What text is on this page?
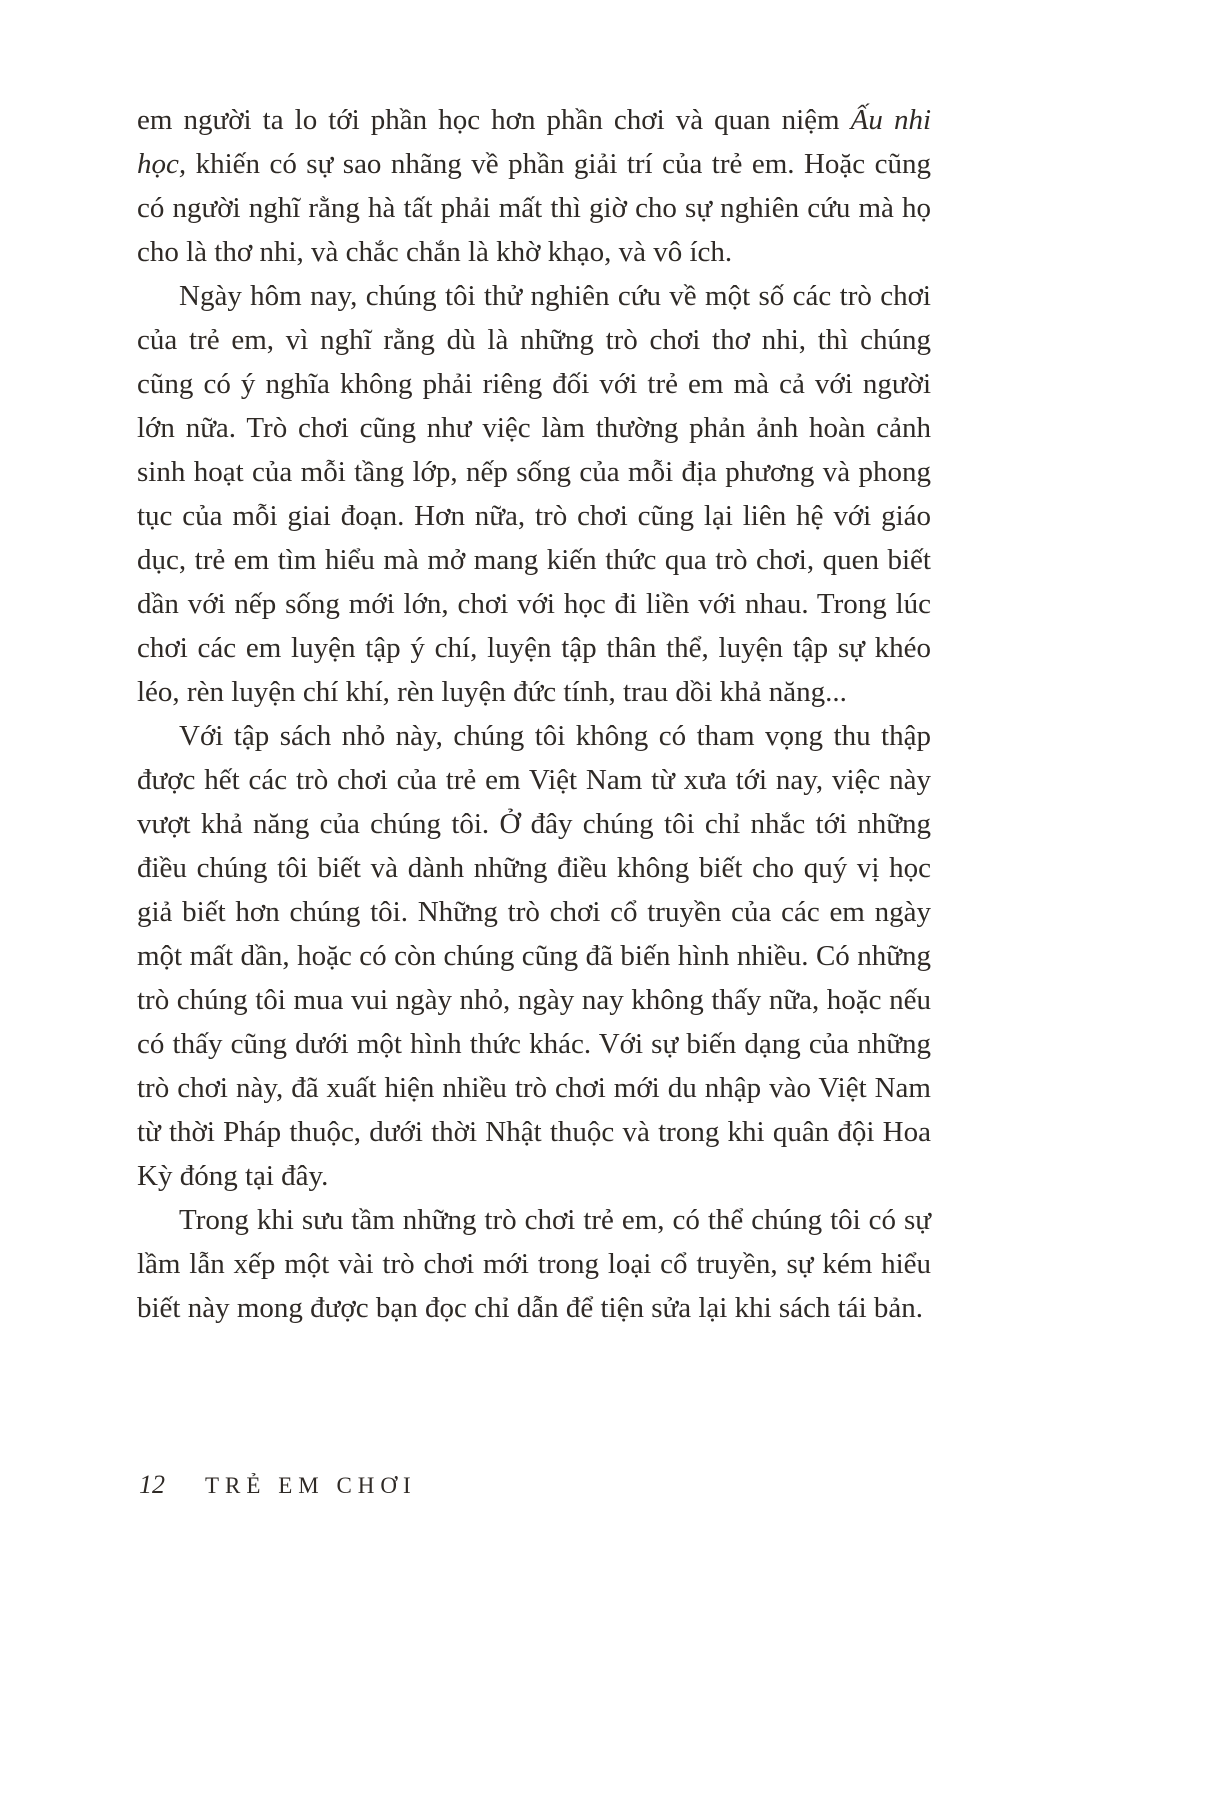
em người ta lo tới phần học hơn phần chơi và quan niệm Ấu nhi học, khiến có sự sao nhãng về phần giải trí của trẻ em. Hoặc cũng có người nghĩ rằng hà tất phải mất thì giờ cho sự nghiên cứu mà họ cho là thơ nhi, và chắc chắn là khờ khạo, và vô ích.

Ngày hôm nay, chúng tôi thử nghiên cứu về một số các trò chơi của trẻ em, vì nghĩ rằng dù là những trò chơi thơ nhi, thì chúng cũng có ý nghĩa không phải riêng đối với trẻ em mà cả với người lớn nữa. Trò chơi cũng như việc làm thường phản ảnh hoàn cảnh sinh hoạt của mỗi tầng lớp, nếp sống của mỗi địa phương và phong tục của mỗi giai đoạn. Hơn nữa, trò chơi cũng lại liên hệ với giáo dục, trẻ em tìm hiểu mà mở mang kiến thức qua trò chơi, quen biết dần với nếp sống mới lớn, chơi với học đi liền với nhau. Trong lúc chơi các em luyện tập ý chí, luyện tập thân thể, luyện tập sự khéo léo, rèn luyện chí khí, rèn luyện đức tính, trau dồi khả năng...

Với tập sách nhỏ này, chúng tôi không có tham vọng thu thập được hết các trò chơi của trẻ em Việt Nam từ xưa tới nay, việc này vượt khả năng của chúng tôi. Ở đây chúng tôi chỉ nhắc tới những điều chúng tôi biết và dành những điều không biết cho quý vị học giả biết hơn chúng tôi. Những trò chơi cổ truyền của các em ngày một mất dần, hoặc có còn chúng cũng đã biến hình nhiều. Có những trò chúng tôi mua vui ngày nhỏ, ngày nay không thấy nữa, hoặc nếu có thấy cũng dưới một hình thức khác. Với sự biến dạng của những trò chơi này, đã xuất hiện nhiều trò chơi mới du nhập vào Việt Nam từ thời Pháp thuộc, dưới thời Nhật thuộc và trong khi quân đội Hoa Kỳ đóng tại đây.

Trong khi sưu tầm những trò chơi trẻ em, có thể chúng tôi có sự lầm lẫn xếp một vài trò chơi mới trong loại cổ truyền, sự kém hiểu biết này mong được bạn đọc chỉ dẫn để tiện sửa lại khi sách tái bản.

12 TRẺ EM CHƠI
